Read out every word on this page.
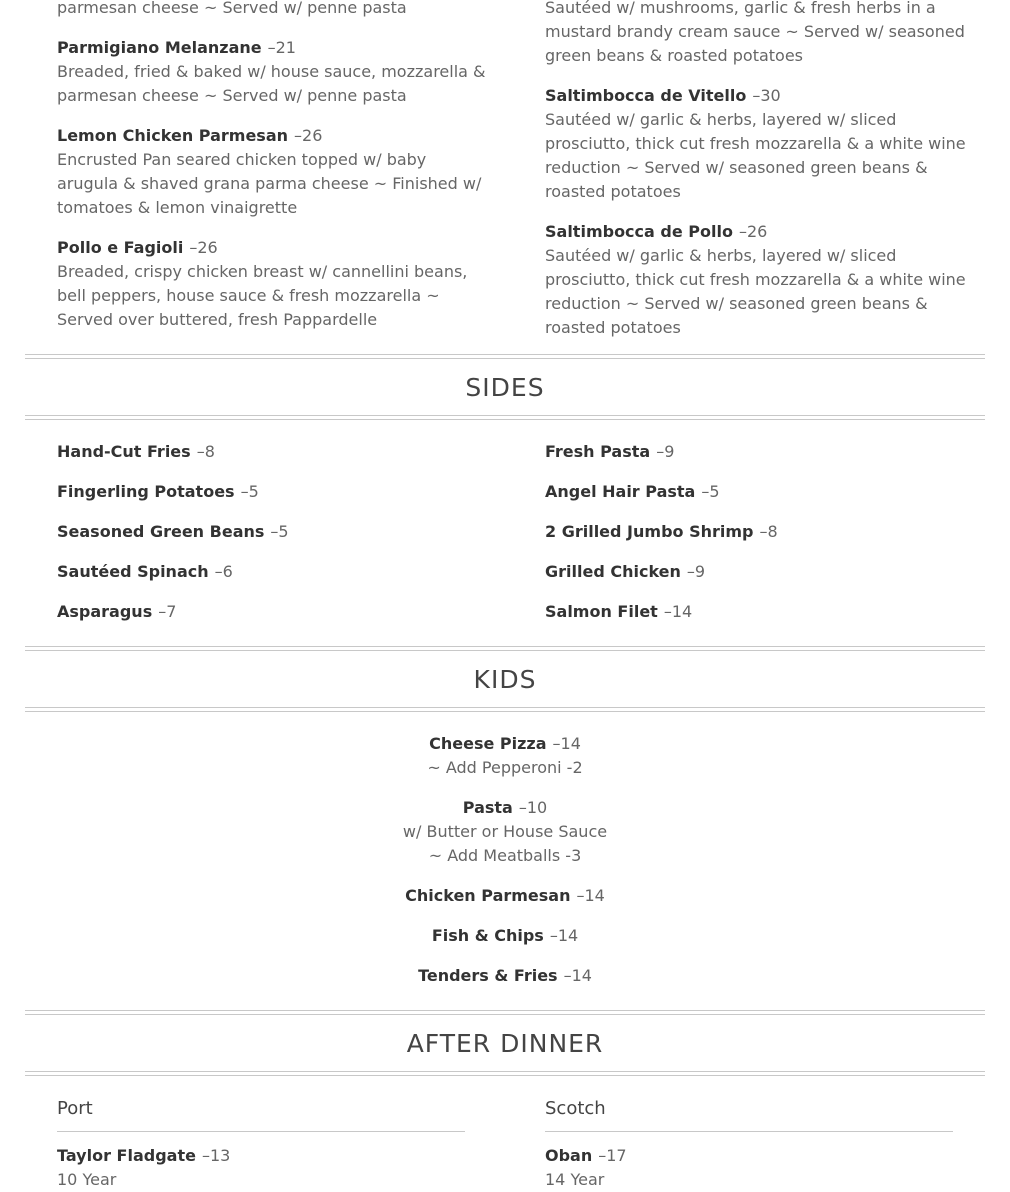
parmesan cheese ~ Served w/ penne pasta
Parmigiano Melanzane –21
Breaded, fried & baked w/ house sauce, mozzarella & parmesan cheese ~ Served w/ penne pasta
Lemon Chicken Parmesan –26
Encrusted Pan seared chicken topped w/ baby arugula & shaved grana parma cheese ~ Finished w/ tomatoes & lemon vinaigrette
Pollo e Fagioli –26
Breaded, crispy chicken breast w/ cannellini beans, bell peppers, house sauce & fresh mozzarella ~ Served over buttered, fresh Pappardelle
Sautéed w/ mushrooms, garlic & fresh herbs in a mustard brandy cream sauce ~ Served w/ seasoned green beans & roasted potatoes
Saltimbocca de Vitello –30
Sautéed w/ garlic & herbs, layered w/ sliced prosciutto, thick cut fresh mozzarella & a white wine reduction ~ Served w/ seasoned green beans & roasted potatoes
Saltimbocca de Pollo –26
Sautéed w/ garlic & herbs, layered w/ sliced prosciutto, thick cut fresh mozzarella & a white wine reduction ~ Served w/ seasoned green beans & roasted potatoes
SIDES
Hand-Cut Fries –8
Fingerling Potatoes –5
Seasoned Green Beans –5
Sautéed Spinach –6
Asparagus –7
Fresh Pasta –9
Angel Hair Pasta –5
2 Grilled Jumbo Shrimp –8
Grilled Chicken –9
Salmon Filet –14
KIDS
Cheese Pizza –14
~ Add Pepperoni -2
Pasta –10
w/ Butter or House Sauce
~ Add Meatballs -3
Chicken Parmesan –14
Fish & Chips –14
Tenders & Fries –14
AFTER DINNER
Port
Taylor Fladgate –13
10 Year
Scotch
Oban –17
14 Year
